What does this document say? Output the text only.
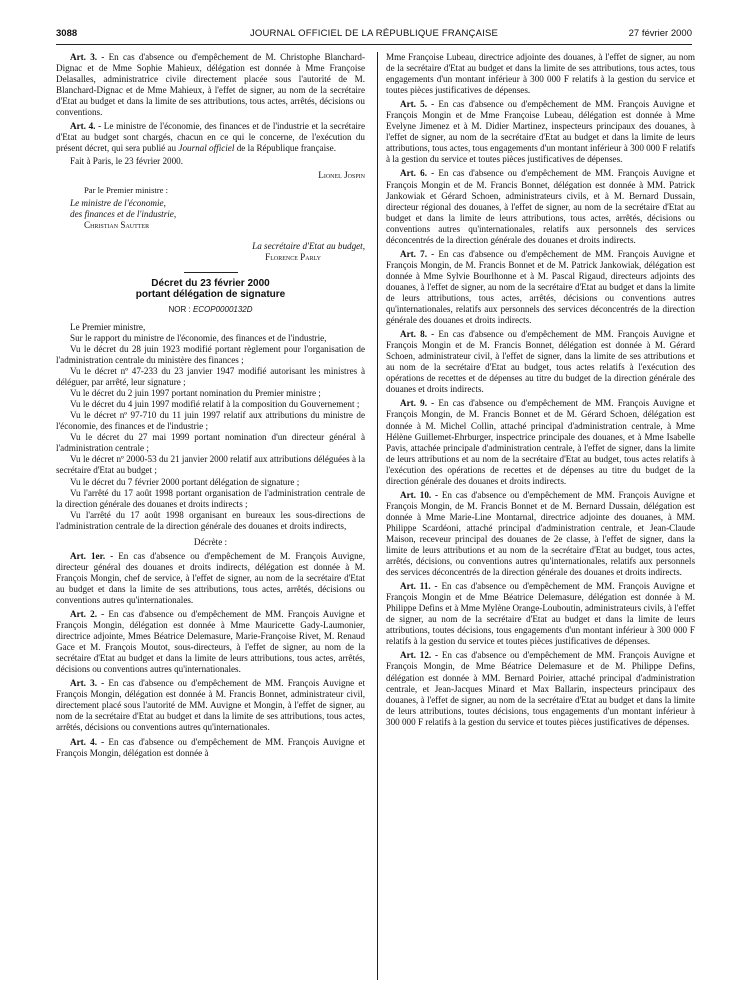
3088	JOURNAL OFFICIEL DE LA RÉPUBLIQUE FRANÇAISE	27 février 2000

Art. 3. - En cas d'absence ou d'empêchement de M. Christophe Blanchard-Dignac et de Mme Sophie Mahieux, délégation est donnée à Mme Françoise Delasalles, administratrice civile directement placée sous l'autorité de M. Blanchard-Dignac et de Mme Mahieux, à l'effet de signer, au nom de la secrétaire d'Etat au budget et dans la limite de ses attributions, tous actes, arrêtés, décisions ou conventions.

Art. 4. - Le ministre de l'économie, des finances et de l'industrie et la secrétaire d'Etat au budget sont chargés, chacun en ce qui le concerne, de l'exécution du présent décret, qui sera publié au Journal officiel de la République française.

Fait à Paris, le 23 février 2000.

Lionel Jospin

Par le Premier ministre :

Le ministre de l'économie,
des finances et de l'industrie,
Christian Sautter
La secrétaire d'Etat au budget,
Florence Parly
Décret du 23 février 2000
portant délégation de signature
NOR : ECOP0000132D

Le Premier ministre,

Sur le rapport du ministre de l'économie, des finances et de l'industrie,

Vu le décret du 28 juin 1923 modifié portant règlement pour l'organisation de l'administration centrale du ministère des finances ;

Vu le décret nº 47-233 du 23 janvier 1947 modifié autorisant les ministres à déléguer, par arrêté, leur signature ;

Vu le décret du 2 juin 1997 portant nomination du Premier ministre ;

Vu le décret du 4 juin 1997 modifié relatif à la composition du Gouvernement ;

Vu le décret nº 97-710 du 11 juin 1997 relatif aux attributions du ministre de l'économie, des finances et de l'industrie ;

Vu le décret du 27 mai 1999 portant nomination d'un directeur général à l'administration centrale ;

Vu le décret nº 2000-53 du 21 janvier 2000 relatif aux attributions déléguées à la secrétaire d'Etat au budget ;

Vu le décret du 7 février 2000 portant délégation de signature ;

Vu l'arrêté du 17 août 1998 portant organisation de l'administration centrale de la direction générale des douanes et droits indirects ;

Vu l'arrêté du 17 août 1998 organisant en bureaux les sous-directions de l'administration centrale de la direction générale des douanes et droits indirects,

Décrète :

Art. 1er. - En cas d'absence ou d'empêchement de M. François Auvigne, directeur général des douanes et droits indirects, délégation est donnée à M. François Mongin, chef de service, à l'effet de signer, au nom de la secrétaire d'Etat au budget et dans la limite de ses attributions, tous actes, arrêtés, décisions ou conventions autres qu'internationales.

Art. 2. - En cas d'absence ou d'empêchement de MM. François Auvigne et François Mongin, délégation est donnée à Mme Mauricette Gady-Laumonier, directrice adjointe, Mmes Béatrice Delemasure, Marie-Françoise Rivet, M. Renaud Gace et M. François Moutot, sous-directeurs, à l'effet de signer, au nom de la secrétaire d'Etat au budget et dans la limite de leurs attributions, tous actes, arrêtés, décisions ou conventions autres qu'internationales.

Art. 3. - En cas d'absence ou d'empêchement de MM. François Auvigne et François Mongin, délégation est donnée à M. Francis Bonnet, administrateur civil, directement placé sous l'autorité de MM. Auvigne et Mongin, à l'effet de signer, au nom de la secrétaire d'Etat au budget et dans la limite de ses attributions, tous actes, arrêtés, décisions ou conventions autres qu'internationales.

Art. 4. - En cas d'absence ou d'empêchement de MM. François Auvigne et François Mongin, délégation est donnée à

Mme Françoise Lubeau, directrice adjointe des douanes, à l'effet de signer, au nom de la secrétaire d'Etat au budget et dans la limite de ses attributions, tous actes, tous engagements d'un montant inférieur à 300 000 F relatifs à la gestion du service et toutes pièces justificatives de dépenses.

Art. 5. - En cas d'absence ou d'empêchement de MM. François Auvigne et François Mongin et de Mme Françoise Lubeau, délégation est donnée à Mme Evelyne Jimenez et à M. Didier Martinez, inspecteurs principaux des douanes, à l'effet de signer, au nom de la secrétaire d'Etat au budget et dans la limite de leurs attributions, tous actes, tous engagements d'un montant inférieur à 300 000 F relatifs à la gestion du service et toutes pièces justificatives de dépenses.

Art. 6. - En cas d'absence ou d'empêchement de MM. François Auvigne et François Mongin et de M. Francis Bonnet, délégation est donnée à MM. Patrick Jankowiak et Gérard Schoen, administrateurs civils, et à M. Bernard Dussain, directeur régional des douanes, à l'effet de signer, au nom de la secrétaire d'Etat au budget et dans la limite de leurs attributions, tous actes, arrêtés, décisions ou conventions autres qu'internationales, relatifs aux personnels des services déconcentrés de la direction générale des douanes et droits indirects.

Art. 7. - En cas d'absence ou d'empêchement de MM. François Auvigne et François Mongin, de M. Francis Bonnet et de M. Patrick Jankowiak, délégation est donnée à Mme Sylvie Bourlhonne et à M. Pascal Rigaud, directeurs adjoints des douanes, à l'effet de signer, au nom de la secrétaire d'Etat au budget et dans la limite de leurs attributions, tous actes, arrêtés, décisions ou conventions autres qu'internationales, relatifs aux personnels des services déconcentrés de la direction générale des douanes et droits indirects.

Art. 8. - En cas d'absence ou d'empêchement de MM. François Auvigne et François Mongin et de M. Francis Bonnet, délégation est donnée à M. Gérard Schoen, administrateur civil, à l'effet de signer, dans la limite de ses attributions et au nom de la secrétaire d'Etat au budget, tous actes relatifs à l'exécution des opérations de recettes et de dépenses au titre du budget de la direction générale des douanes et droits indirects.

Art. 9. - En cas d'absence ou d'empêchement de MM. François Auvigne et François Mongin, de M. Francis Bonnet et de M. Gérard Schoen, délégation est donnée à M. Michel Collin, attaché principal d'administration centrale, à Mme Hélène Guillemet-Ehrburger, inspectrice principale des douanes, et à Mme Isabelle Pavis, attachée principale d'administration centrale, à l'effet de signer, dans la limite de leurs attributions et au nom de la secrétaire d'Etat au budget, tous actes relatifs à l'exécution des opérations de recettes et de dépenses au titre du budget de la direction générale des douanes et droits indirects.

Art. 10. - En cas d'absence ou d'empêchement de MM. François Auvigne et François Mongin, de M. Francis Bonnet et de M. Bernard Dussain, délégation est donnée à Mme Marie-Line Montarnal, directrice adjointe des douanes, à MM. Philippe Scardéoni, attaché principal d'administration centrale, et Jean-Claude Maison, receveur principal des douanes de 2e classe, à l'effet de signer, dans la limite de leurs attributions et au nom de la secrétaire d'Etat au budget, tous actes, arrêtés, décisions, ou conventions autres qu'internationales, relatifs aux personnels des services déconcentrés de la direction générale des douanes et droits indirects.

Art. 11. - En cas d'absence ou d'empêchement de MM. François Auvigne et François Mongin et de Mme Béatrice Delemasure, délégation est donnée à M. Philippe Defins et à Mme Mylène Orange-Louboutin, administrateurs civils, à l'effet de signer, au nom de la secrétaire d'Etat au budget et dans la limite de leurs attributions, toutes décisions, tous engagements d'un montant inférieur à 300 000 F relatifs à la gestion du service et toutes pièces justificatives de dépenses.

Art. 12. - En cas d'absence ou d'empêchement de MM. François Auvigne et François Mongin, de Mme Béatrice Delemasure et de M. Philippe Defins, délégation est donnée à MM. Bernard Poirier, attaché principal d'administration centrale, et Jean-Jacques Minard et Max Ballarin, inspecteurs principaux des douanes, à l'effet de signer, au nom de la secrétaire d'Etat au budget et dans la limite de leurs attributions, toutes décisions, tous engagements d'un montant inférieur à 300 000 F relatifs à la gestion du service et toutes pièces justificatives de dépenses.
